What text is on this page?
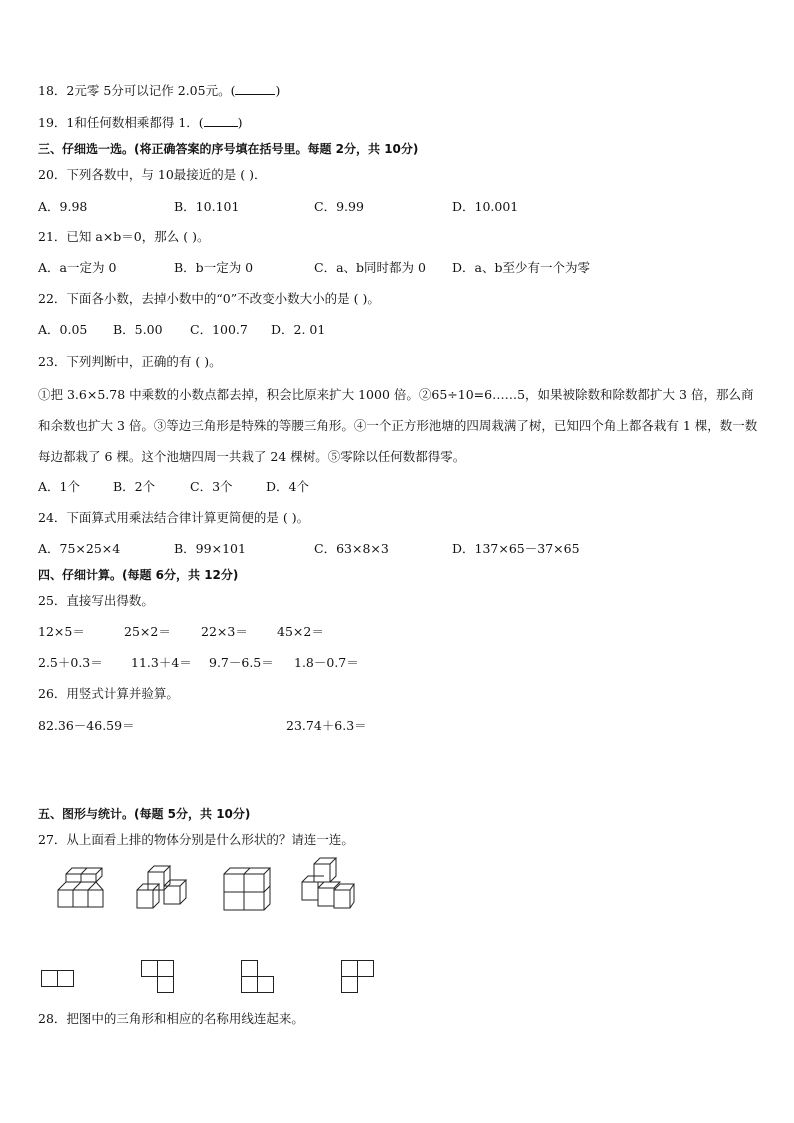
18．2元零 5分可以记作 2.05元。(	)
19．1和任何数相乘都得 1．(	)
三、仔细选一选。(将正确答案的序号填在括号里。每题 2分，共 10分)
20．下列各数中，与 10最接近的是 ( )．
A．9.98	B．10.101	C．9.99	D．10.001
21．已知 a×b＝0，那么 ( )。
A．a一定为 0	B．b一定为 0	C．a、b同时都为 0 D．a、b至少有一个为零
22．下面各小数，去掉小数中的“0”不改变小数大小的是 ( )。
A．0.05 B．5.00 C．100.7 D．2. 01
23．下列判断中，正确的有 ( )。
①把 3.6×5.78 中乘数的小数点都去掉，积会比原来扩大 1000 倍。②65÷10=6……5，如果被除数和除数都扩大 3 倍，那么商和余数也扩大 3 倍。③等边三角形是特殊的等腰三角形。④一个正方形池塘的四周栽满了树，已知四个角上都各栽有 1 棵，数一数每边都栽了 6 棵。这个池塘四周一共栽了 24 棵树。⑤零除以任何数都得零。
A．1个	B．2个	C．3个	D．4个
24．下面算式用乘法结合律计算更简便的是 ( )。
A．75×25×4	B．99×101	C．63×8×3	D．137×65－37×65
四、仔细计算。(每题 6分，共 12分)
25．直接写出得数。
12×5＝	25×2＝ 22×3＝ 45×2＝
2.5＋0.3＝ 11.3＋4＝ 9.7－6.5＝ 1.8－0.7＝
26．用竖式计算并验算。
82.36－46.59＝	23.74＋6.3＝
五、图形与统计。(每题 5分，共 10分)
27．从上面看上排的物体分别是什么形状的？请连一连。
28．把图中的三角形和相应的名称用线连起来。
